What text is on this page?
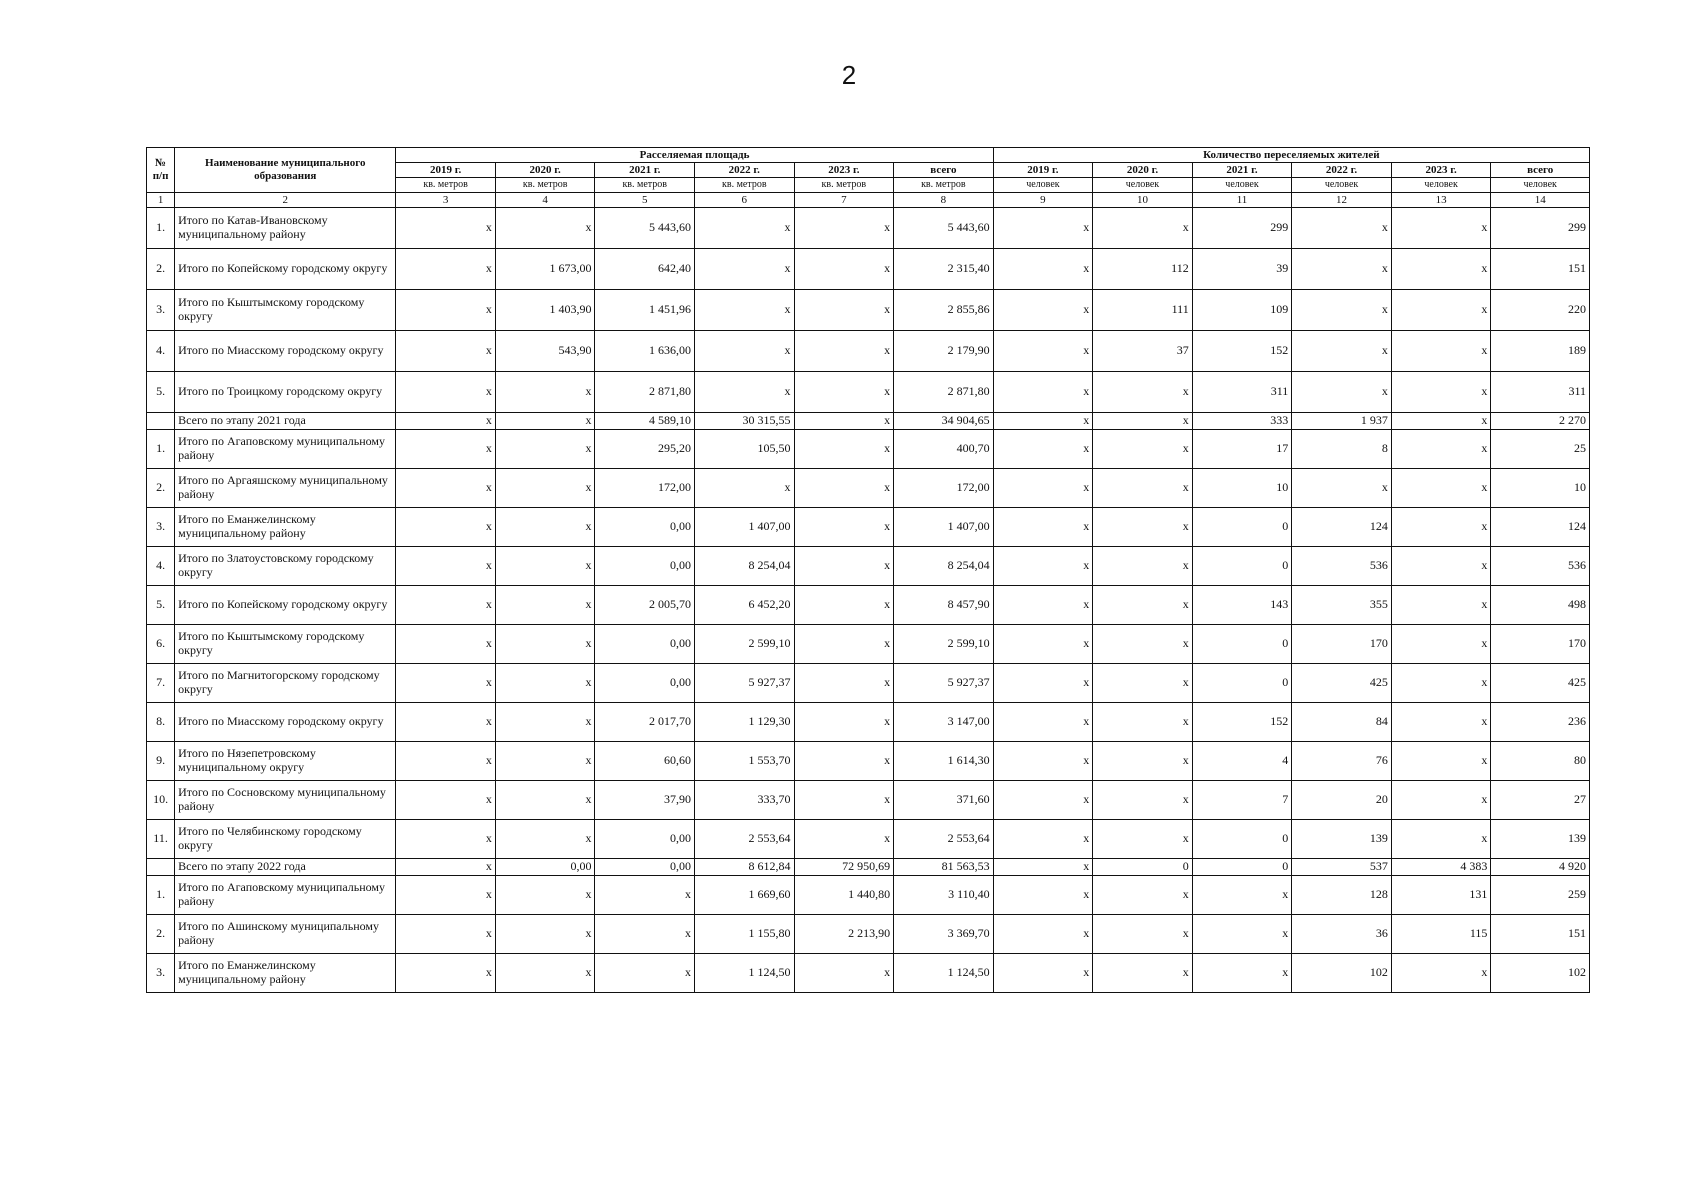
2
№
п/п	Наименование муниципального образования	Расселяемая площадь						Количество переселяемых жителей					
		2019 г.	2020 г.	2021 г.	2022 г.	2023 г.	всего	2019 г.	2020 г.	2021 г.	2022 г.	2023 г.	всего
		кв. метров	кв. метров	кв. метров	кв. метров	кв. метров	кв. метров	человек	человек	человек	человек	человек	человек
1	2	3	4	5	6	7	8	9	10	11	12	13	14
1.	Итого по Катав-Ивановскому муниципальному району	x	x	5 443,60	x	x	5 443,60	x	x	299	x	x	299
2.	Итого по Копейскому городскому округу	x	1 673,00	642,40	x	x	2 315,40	x	112	39	x	x	151
3.	Итого по Кыштымскому городскому округу	x	1 403,90	1 451,96	x	x	2 855,86	x	111	109	x	x	220
4.	Итого по Миасскому городскому округу	x	543,90	1 636,00	x	x	2 179,90	x	37	152	x	x	189
5.	Итого по Троицкому городскому округу	x	x	2 871,80	x	x	2 871,80	x	x	311	x	x	311
	Всего по этапу 2021 года	x	x	4 589,10	30 315,55	x	34 904,65	x	x	333	1 937	x	2 270
1.	Итого по Агаповскому муниципальному району	x	x	295,20	105,50	x	400,70	x	x	17	8	x	25
2.	Итого по Аргаяшскому муниципальному району	x	x	172,00	x	x	172,00	x	x	10	x	x	10
3.	Итого по Еманжелинскому муниципальному району	x	x	0,00	1 407,00	x	1 407,00	x	x	0	124	x	124
4.	Итого по Златоустовскому городскому округу	x	x	0,00	8 254,04	x	8 254,04	x	x	0	536	x	536
5.	Итого по Копейскому городскому округу	x	x	2 005,70	6 452,20	x	8 457,90	x	x	143	355	x	498
6.	Итого по Кыштымскому городскому округу	x	x	0,00	2 599,10	x	2 599,10	x	x	0	170	x	170
7.	Итого по Магнитогорскому городскому округу	x	x	0,00	5 927,37	x	5 927,37	x	x	0	425	x	425
8.	Итого по Миасскому городскому округу	x	x	2 017,70	1 129,30	x	3 147,00	x	x	152	84	x	236
9.	Итого по Нязепетровскому муниципальному округу	x	x	60,60	1 553,70	x	1 614,30	x	x	4	76	x	80
10.	Итого по Сосновскому муниципальному району	x	x	37,90	333,70	x	371,60	x	x	7	20	x	27
11.	Итого по Челябинскому городскому округу	x	x	0,00	2 553,64	x	2 553,64	x	x	0	139	x	139
	Всего по этапу 2022 года	x	0,00	0,00	8 612,84	72 950,69	81 563,53	x	0	0	537	4 383	4 920
1.	Итого по Агаповскому муниципальному району	x	x	x	1 669,60	1 440,80	3 110,40	x	x	x	128	131	259
2.	Итого по Ашинскому муниципальному району	x	x	x	1 155,80	2 213,90	3 369,70	x	x	x	36	115	151
3.	Итого по Еманжелинскому муниципальному району	x	x	x	1 124,50	x	1 124,50	x	x	x	102	x	102
